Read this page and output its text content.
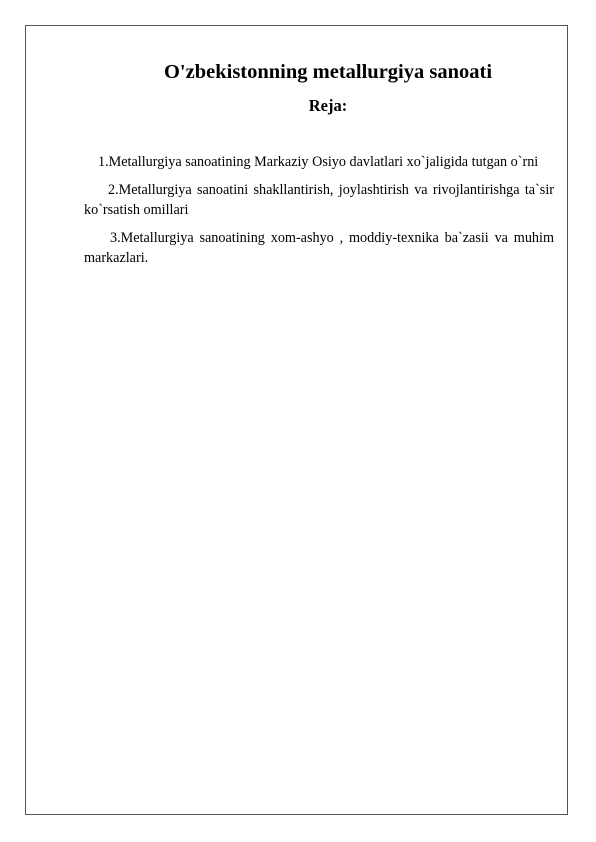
O'zbekistonning metallurgiya sanoati
Reja:

1.Metallurgiya sanoatining Markaziy Osiyo davlatlari xo`jaligida tutgan o`rni

2.Metallurgiya sanoatini shakllantirish, joylashtirish va rivojlantirishga ta`sir ko`rsatish omillari

3.Metallurgiya sanoatining xom-ashyo , moddiy-texnika ba`zasii va muhim markazlari.
